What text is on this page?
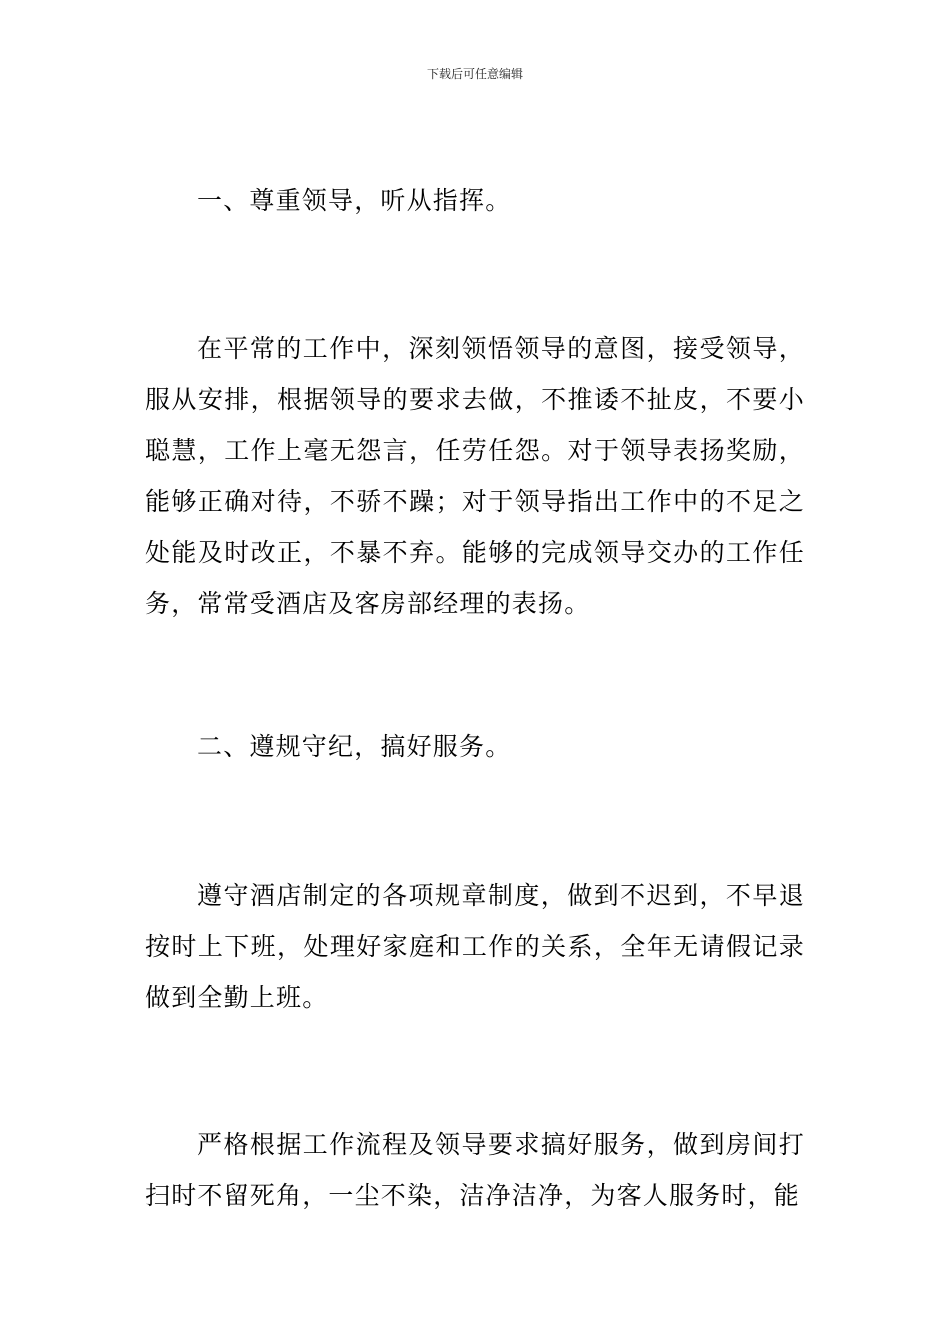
下载后可任意编辑

一、尊重领导，听从指挥。

在平常的工作中，深刻领悟领导的意图，接受领导，服从安排，根据领导的要求去做，不推诿不扯皮，不要小聪慧，工作上毫无怨言，任劳任怨。对于领导表扬奖励，能够正确对待，不骄不躁；对于领导指出工作中的不足之处能及时改正，不暴不弃。能够的完成领导交办的工作任务，常常受酒店及客房部经理的表扬。

二、遵规守纪，搞好服务。

遵守酒店制定的各项规章制度，做到不迟到，不早退按时上下班，处理好家庭和工作的关系，全年无请假记录做到全勤上班。

严格根据工作流程及领导要求搞好服务，做到房间打扫时不留死角，一尘不染，洁净洁净，为客人服务时，能
